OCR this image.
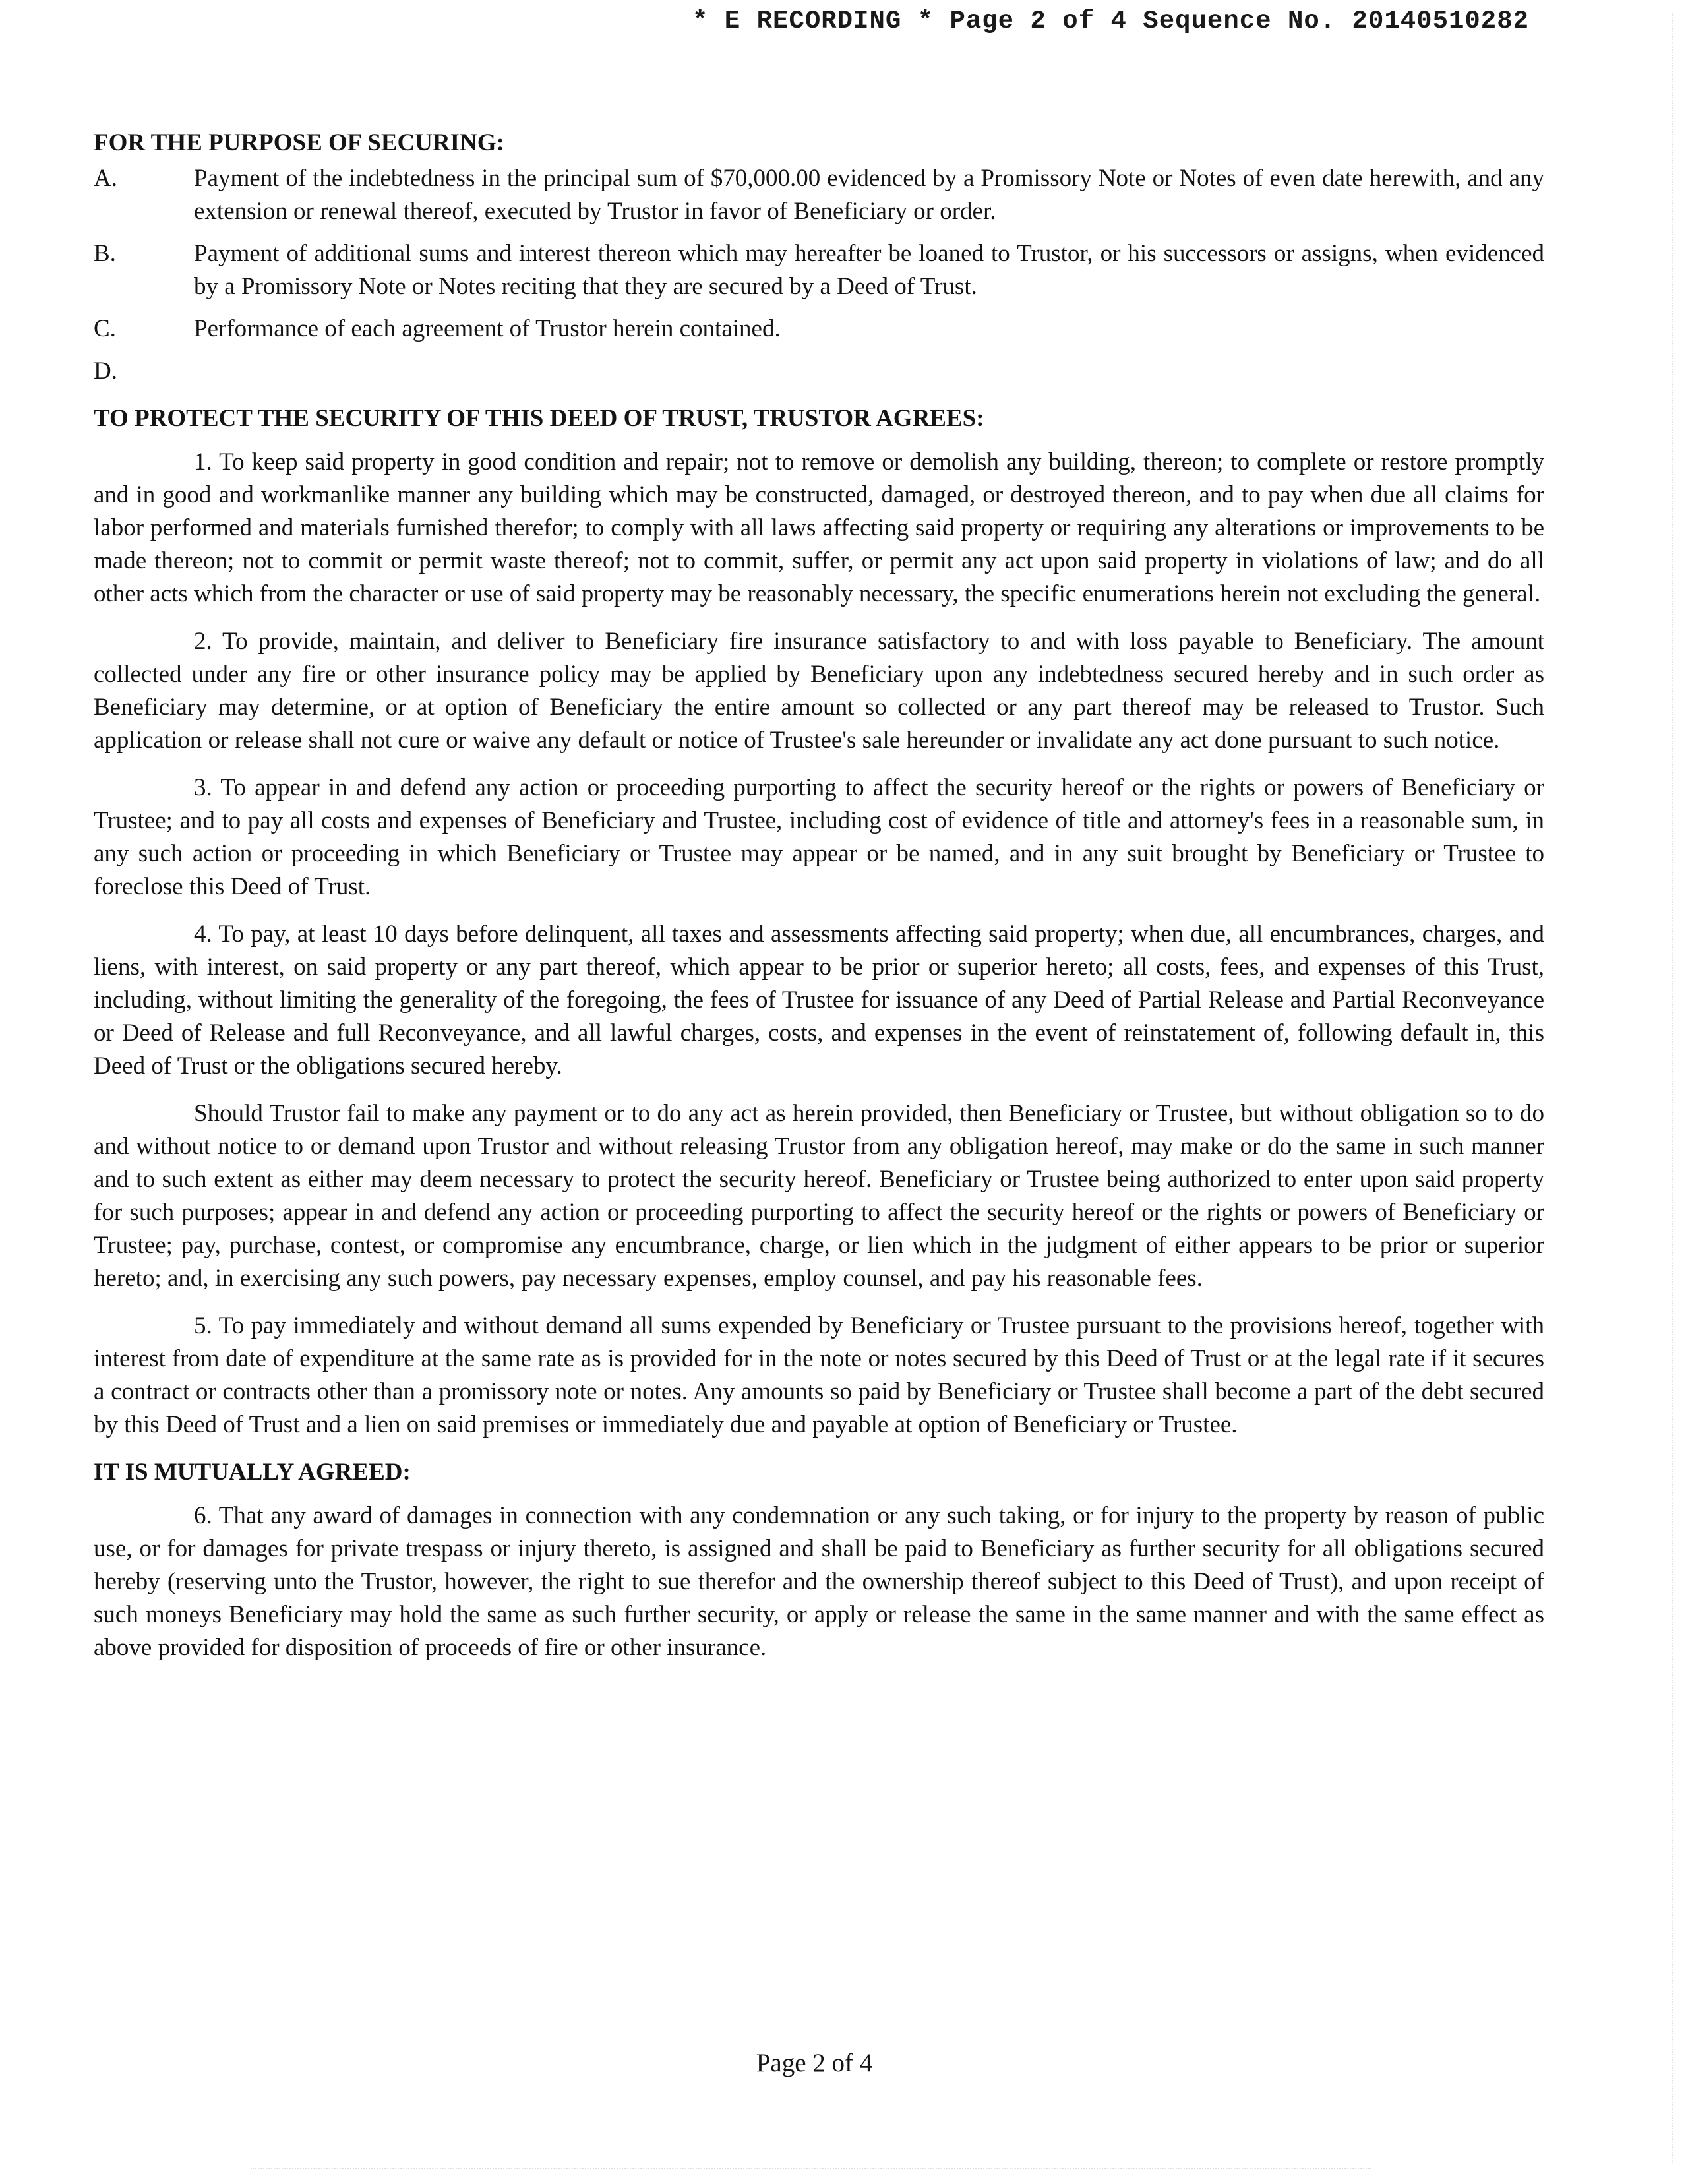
* E RECORDING * Page 2 of 4 Sequence No. 20140510282
FOR THE PURPOSE OF SECURING:
A.	Payment of the indebtedness in the principal sum of $70,000.00 evidenced by a Promissory Note or Notes of even date herewith, and any extension or renewal thereof, executed by Trustor in favor of Beneficiary or order.
B.	Payment of additional sums and interest thereon which may hereafter be loaned to Trustor, or his successors or assigns, when evidenced by a Promissory Note or Notes reciting that they are secured by a Deed of Trust.
C.	Performance of each agreement of Trustor herein contained.
D.
TO PROTECT THE SECURITY OF THIS DEED OF TRUST, TRUSTOR AGREES:

1. To keep said property in good condition and repair; not to remove or demolish any building, thereon; to complete or restore promptly and in good and workmanlike manner any building which may be constructed, damaged, or destroyed thereon, and to pay when due all claims for labor performed and materials furnished therefor; to comply with all laws affecting said property or requiring any alterations or improvements to be made thereon; not to commit or permit waste thereof; not to commit, suffer, or permit any act upon said property in violations of law; and do all other acts which from the character or use of said property may be reasonably necessary, the specific enumerations herein not excluding the general.

2. To provide, maintain, and deliver to Beneficiary fire insurance satisfactory to and with loss payable to Beneficiary. The amount collected under any fire or other insurance policy may be applied by Beneficiary upon any indebtedness secured hereby and in such order as Beneficiary may determine, or at option of Beneficiary the entire amount so collected or any part thereof may be released to Trustor. Such application or release shall not cure or waive any default or notice of Trustee's sale hereunder or invalidate any act done pursuant to such notice.

3. To appear in and defend any action or proceeding purporting to affect the security hereof or the rights or powers of Beneficiary or Trustee; and to pay all costs and expenses of Beneficiary and Trustee, including cost of evidence of title and attorney's fees in a reasonable sum, in any such action or proceeding in which Beneficiary or Trustee may appear or be named, and in any suit brought by Beneficiary or Trustee to foreclose this Deed of Trust.

4. To pay, at least 10 days before delinquent, all taxes and assessments affecting said property; when due, all encumbrances, charges, and liens, with interest, on said property or any part thereof, which appear to be prior or superior hereto; all costs, fees, and expenses of this Trust, including, without limiting the generality of the foregoing, the fees of Trustee for issuance of any Deed of Partial Release and Partial Reconveyance or Deed of Release and full Reconveyance, and all lawful charges, costs, and expenses in the event of reinstatement of, following default in, this Deed of Trust or the obligations secured hereby.

Should Trustor fail to make any payment or to do any act as herein provided, then Beneficiary or Trustee, but without obligation so to do and without notice to or demand upon Trustor and without releasing Trustor from any obligation hereof, may make or do the same in such manner and to such extent as either may deem necessary to protect the security hereof. Beneficiary or Trustee being authorized to enter upon said property for such purposes; appear in and defend any action or proceeding purporting to affect the security hereof or the rights or powers of Beneficiary or Trustee; pay, purchase, contest, or compromise any encumbrance, charge, or lien which in the judgment of either appears to be prior or superior hereto; and, in exercising any such powers, pay necessary expenses, employ counsel, and pay his reasonable fees.

5. To pay immediately and without demand all sums expended by Beneficiary or Trustee pursuant to the provisions hereof, together with interest from date of expenditure at the same rate as is provided for in the note or notes secured by this Deed of Trust or at the legal rate if it secures a contract or contracts other than a promissory note or notes. Any amounts so paid by Beneficiary or Trustee shall become a part of the debt secured by this Deed of Trust and a lien on said premises or immediately due and payable at option of Beneficiary or Trustee.

IT IS MUTUALLY AGREED:

6. That any award of damages in connection with any condemnation or any such taking, or for injury to the property by reason of public use, or for damages for private trespass or injury thereto, is assigned and shall be paid to Beneficiary as further security for all obligations secured hereby (reserving unto the Trustor, however, the right to sue therefor and the ownership thereof subject to this Deed of Trust), and upon receipt of such moneys Beneficiary may hold the same as such further security, or apply or release the same in the same manner and with the same effect as above provided for disposition of proceeds of fire or other insurance.

Page 2 of 4
